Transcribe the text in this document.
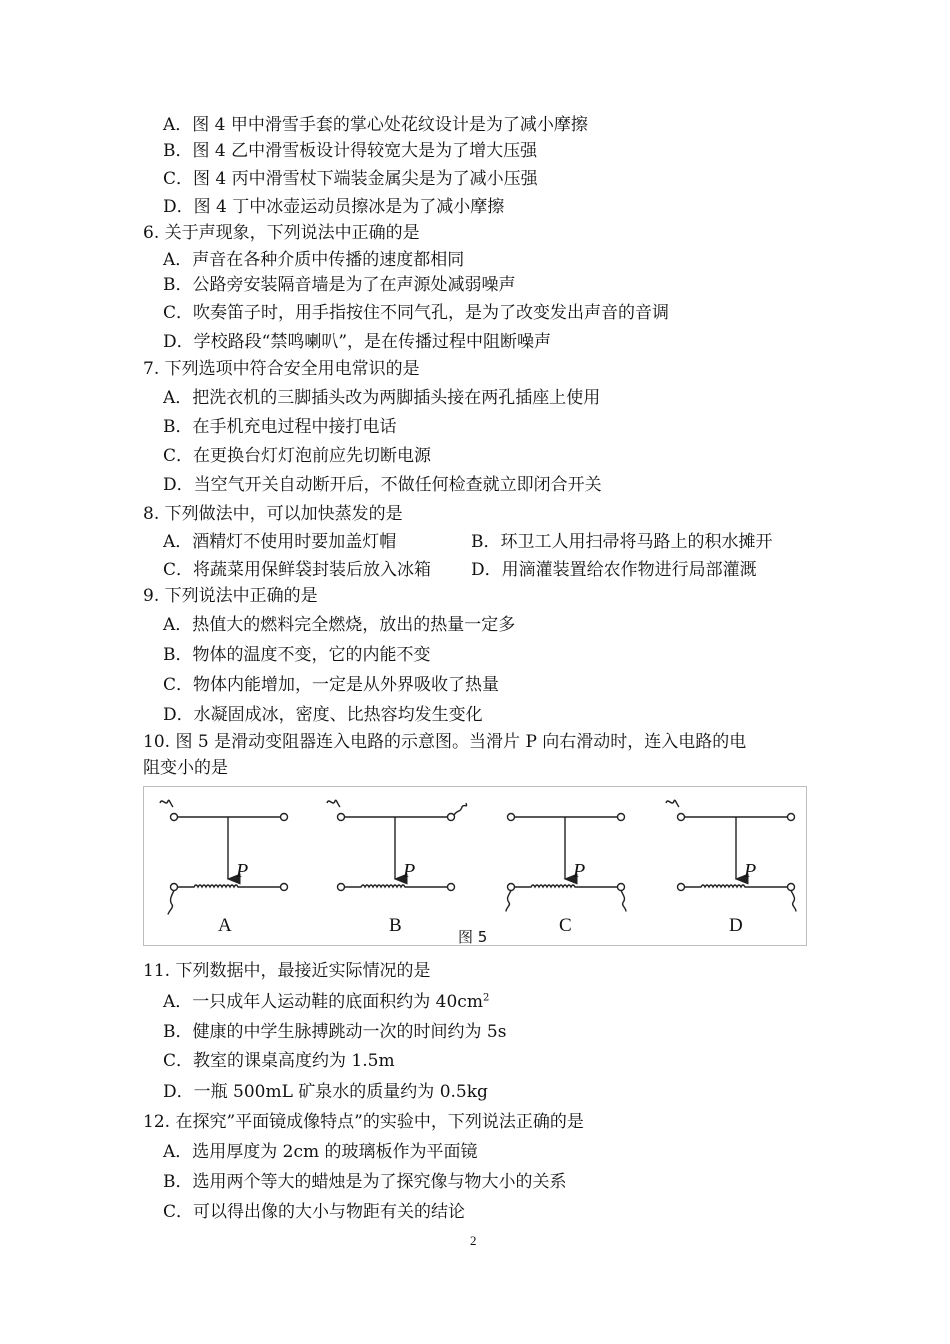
A．图 4 甲中滑雪手套的掌心处花纹设计是为了减小摩擦
B．图 4 乙中滑雪板设计得较宽大是为了增大压强
C．图 4 丙中滑雪杖下端装金属尖是为了减小压强
D．图 4 丁中冰壶运动员擦冰是为了减小摩擦
6. 关于声现象，下列说法中正确的是
A．声音在各种介质中传播的速度都相同
B．公路旁安装隔音墙是为了在声源处减弱噪声
C．吹奏笛子时，用手指按住不同气孔，是为了改变发出声音的音调
D．学校路段“禁鸣喇叭”，是在传播过程中阻断噪声
7. 下列选项中符合安全用电常识的是
A．把洗衣机的三脚插头改为两脚插头接在两孔插座上使用
B．在手机充电过程中接打电话
C．在更换台灯灯泡前应先切断电源
D．当空气开关自动断开后，不做任何检查就立即闭合开关
8. 下列做法中，可以加快蒸发的是
A．酒精灯不使用时要加盖灯帽	B．环卫工人用扫帚将马路上的积水摊开
C．将蔬菜用保鲜袋封装后放入冰箱 D．用滴灌装置给农作物进行局部灌溉
9. 下列说法中正确的是
A．热值大的燃料完全燃烧，放出的热量一定多
B．物体的温度不变，它的内能不变
C．物体内能增加，一定是从外界吸收了热量
D．水凝固成冰，密度、比热容均发生变化
10. 图 5 是滑动变阻器连入电路的示意图。当滑片 P 向右滑动时，连入电路的电
阻变小的是
P	P	P	P
A	B	C	D
图 5
11. 下列数据中，最接近实际情况的是
A．一只成年人运动鞋的底面积约为 $40cm^2$
B．健康的中学生脉搏跳动一次的时间约为 5s
C．教室的课桌高度约为 1.5m
D．一瓶 500mL 矿泉水的质量约为 0.5kg
12. 在探究”平面镜成像特点”的实验中，下列说法正确的是
A．选用厚度为 2cm 的玻璃板作为平面镜
B．选用两个等大的蜡烛是为了探究像与物大小的关系
C．可以得出像的大小与物距有关的结论
2
